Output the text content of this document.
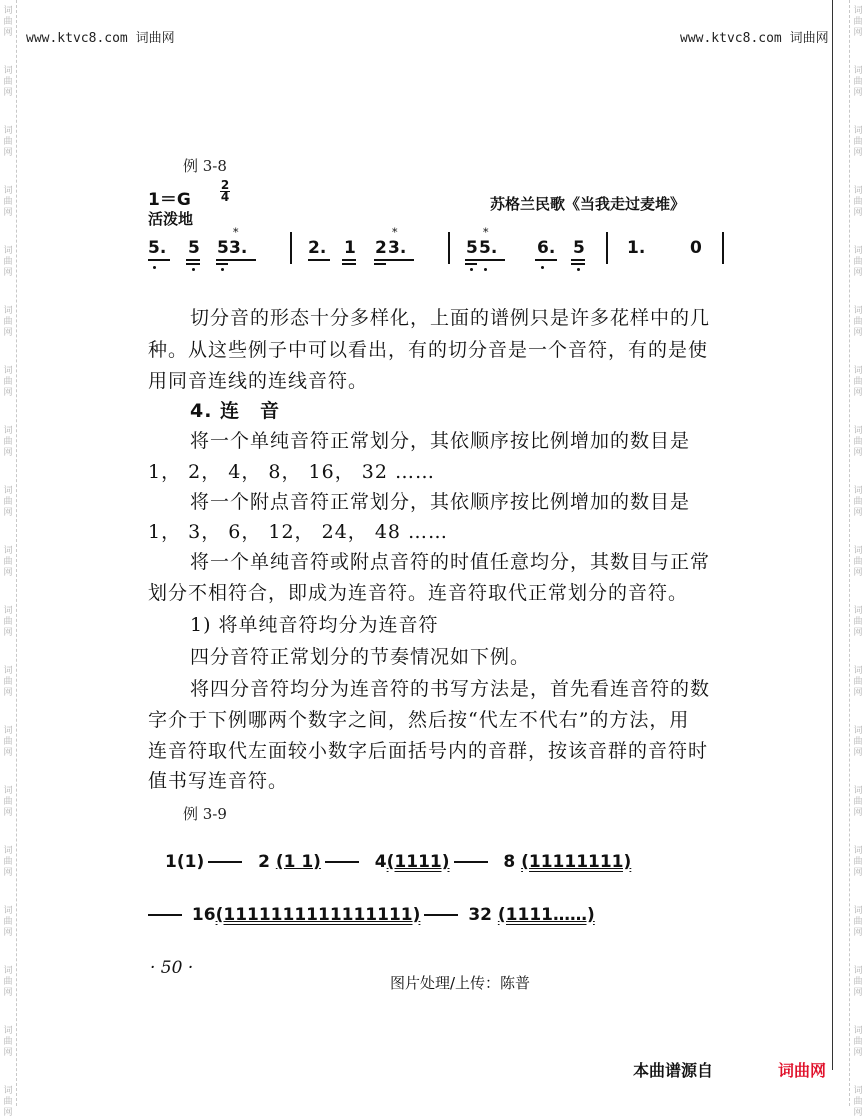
词
曲
网
词
曲
网
词
曲
网
词
曲
网
词
曲
网
词
曲
网
词
曲
网
词
曲
网
词
曲
网
词
曲
网
词
曲
网
词
曲
网
词
曲
网
词
曲
网
词
曲
网
词
曲
网
词
曲
网
词
曲
网
词
曲
网
词
曲
网
词
曲
网
词
曲
网
词
曲
网
词
曲
网
词
曲
网
词
曲
网
词
曲
网
词
曲
网
词
曲
网
词
曲
网
词
曲
网
词
曲
网
词
曲
网
词
曲
网
词
曲
网
词
曲
网
词
曲
网
词
曲
网
www.ktvc8.com 词曲网	www.ktvc8.com 词曲网
例 3-8
1＝G
2
4
活泼地
苏格兰民歌《当我走过麦堆》
5. 5 5 3.	2. 1 2 3.	5 5. 6. 5 1.	0
*	*	*
切分音的形态十分多样化，上面的谱例只是许多花样中的几
种。从这些例子中可以看出，有的切分音是一个音符，有的是使
用同音连线的连线音符。
4. 连　音
将一个单纯音符正常划分，其依顺序按比例增加的数目是
1， 2， 4， 8， 16， 32 ……
将一个附点音符正常划分，其依顺序按比例增加的数目是
1， 3， 6， 12， 24， 48 ……
将一个单纯音符或附点音符的时值任意均分，其数目与正常
划分不相符合，即成为连音符。连音符取代正常划分的音符。
1) 将单纯音符均分为连音符
四分音符正常划分的节奏情况如下例。
将四分音符均分为连音符的书写方法是，首先看连音符的数
字介于下例哪两个数字之间，然后按“代左不代右”的方法，用
连音符取代左面较小数字后面括号内的音群，按该音群的音符时
值书写连音符。
例 3-9
1(1)	2 (1 1)	4(1111)	8 (11111111)
16(1111111111111111)	32 (1111……)
· 50 ·
图片处理/上传：陈普
本曲谱源自	词曲网
